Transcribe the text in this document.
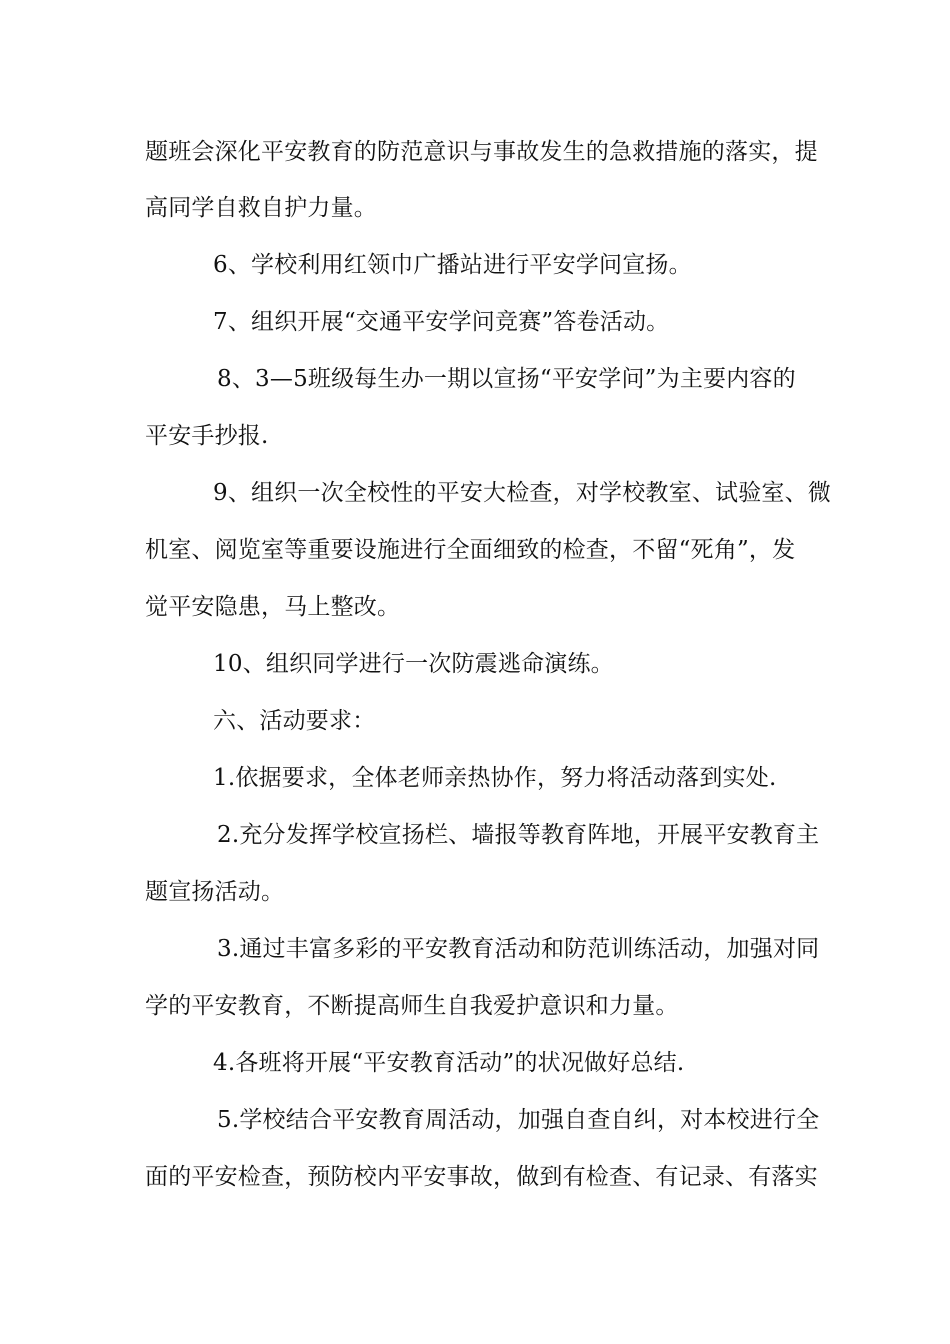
题班会深化平安教育的防范意识与事故发生的急救措施的落实，提
高同学自救自护力量。
6、学校利用红领巾广播站进行平安学问宣扬。
7、组织开展“交通平安学问竞赛”答卷活动。
8、3—5班级每生办一期以宣扬“平安学问”为主要内容的
平安手抄报.
9、组织一次全校性的平安大检查，对学校教室、试验室、微
机室、阅览室等重要设施进行全面细致的检查，不留“死角”，发
觉平安隐患，马上整改。
10、组织同学进行一次防震逃命演练。
六、活动要求：
1.依据要求，全体老师亲热协作，努力将活动落到实处.
2.充分发挥学校宣扬栏、墙报等教育阵地，开展平安教育主
题宣扬活动。
3.通过丰富多彩的平安教育活动和防范训练活动，加强对同
学的平安教育，不断提高师生自我爱护意识和力量。
4.各班将开展“平安教育活动”的状况做好总结.
5.学校结合平安教育周活动，加强自查自纠，对本校进行全
面的平安检查，预防校内平安事故，做到有检查、有记录、有落实
